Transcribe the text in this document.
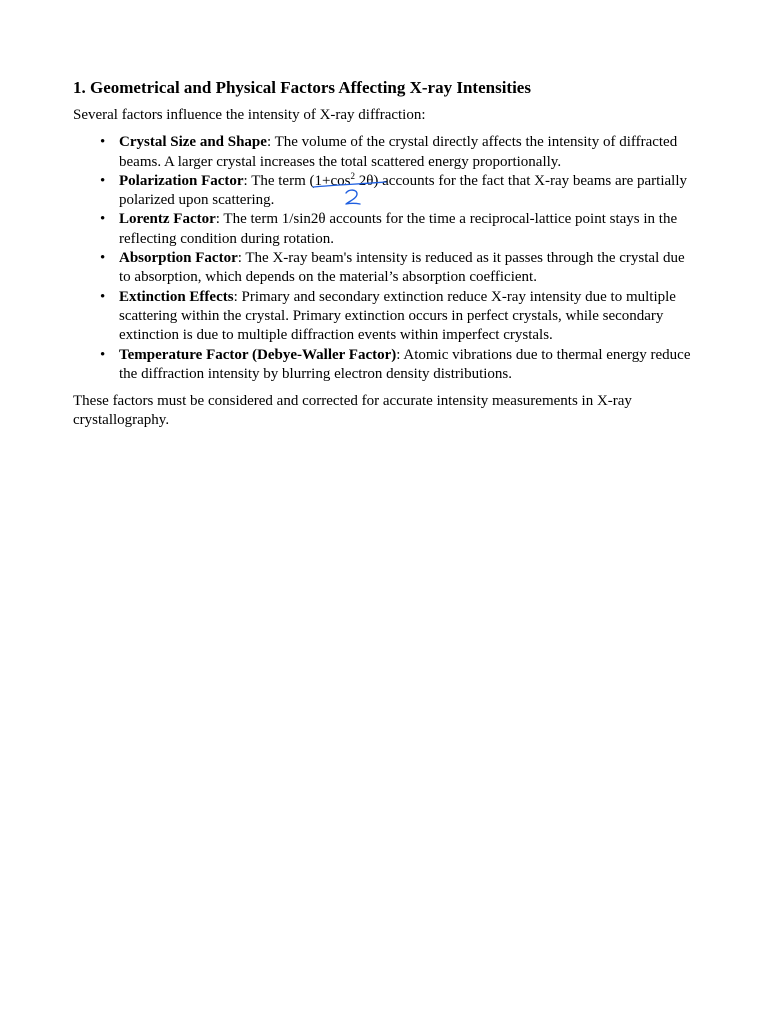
1. Geometrical and Physical Factors Affecting X-ray Intensities

Several factors influence the intensity of X-ray diffraction:

• Crystal Size and Shape: The volume of the crystal directly affects the intensity of diffracted beams. A larger crystal increases the total scattered energy proportionally.
• Polarization Factor: The term ($1+\cos^2$ 2θ) accounts for the fact that X-ray beams are partially polarized upon scattering.
• Lorentz Factor: The term 1/sin2θ accounts for the time a reciprocal-lattice point stays in the reflecting condition during rotation.
• Absorption Factor: The X-ray beam's intensity is reduced as it passes through the crystal due to absorption, which depends on the material’s absorption coefficient.
• Extinction Effects: Primary and secondary extinction reduce X-ray intensity due to multiple scattering within the crystal. Primary extinction occurs in perfect crystals, while secondary extinction is due to multiple diffraction events within imperfect crystals.
• Temperature Factor (Debye-Waller Factor): Atomic vibrations due to thermal energy reduce the diffraction intensity by blurring electron density distributions.

These factors must be considered and corrected for accurate intensity measurements in X-ray crystallography.
